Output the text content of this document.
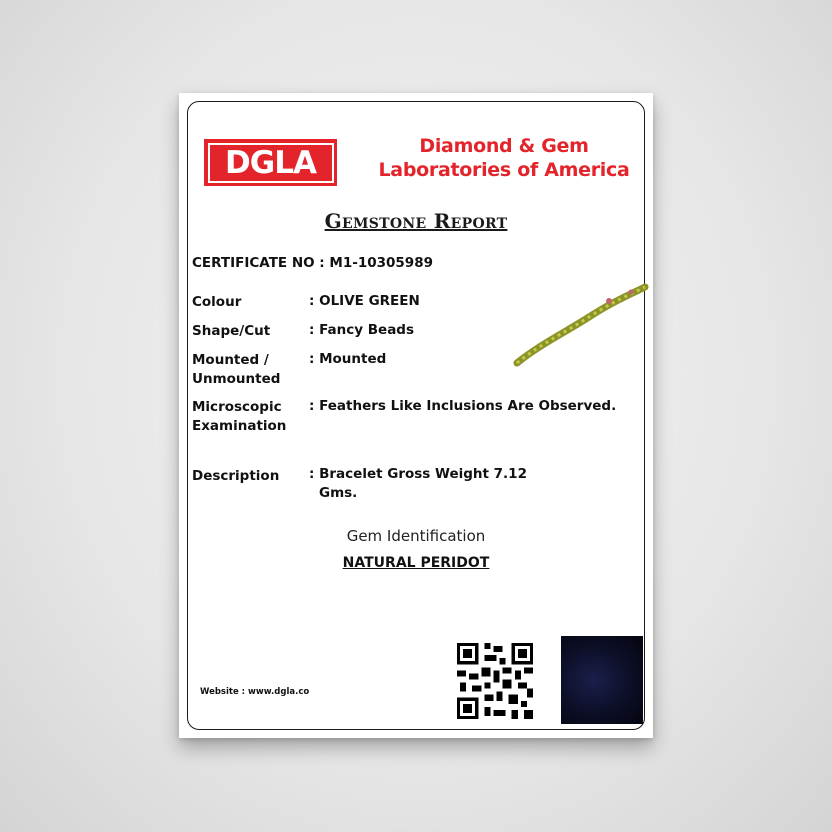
DGLA	Diamond & Gem
Laboratories of America
Gemstone Report
CERTIFICATE NO : M1-10305989
Colour	: OLIVE GREEN
Shape/Cut	: Fancy Beads
Mounted /
Unmounted
: Mounted
Microscopic
Examination
: Feathers Like Inclusions Are Observed.
Description : Bracelet Gross Weight 7.12
Gms.
Gem Identification
NATURAL PERIDOT
Website : www.dgla.co
